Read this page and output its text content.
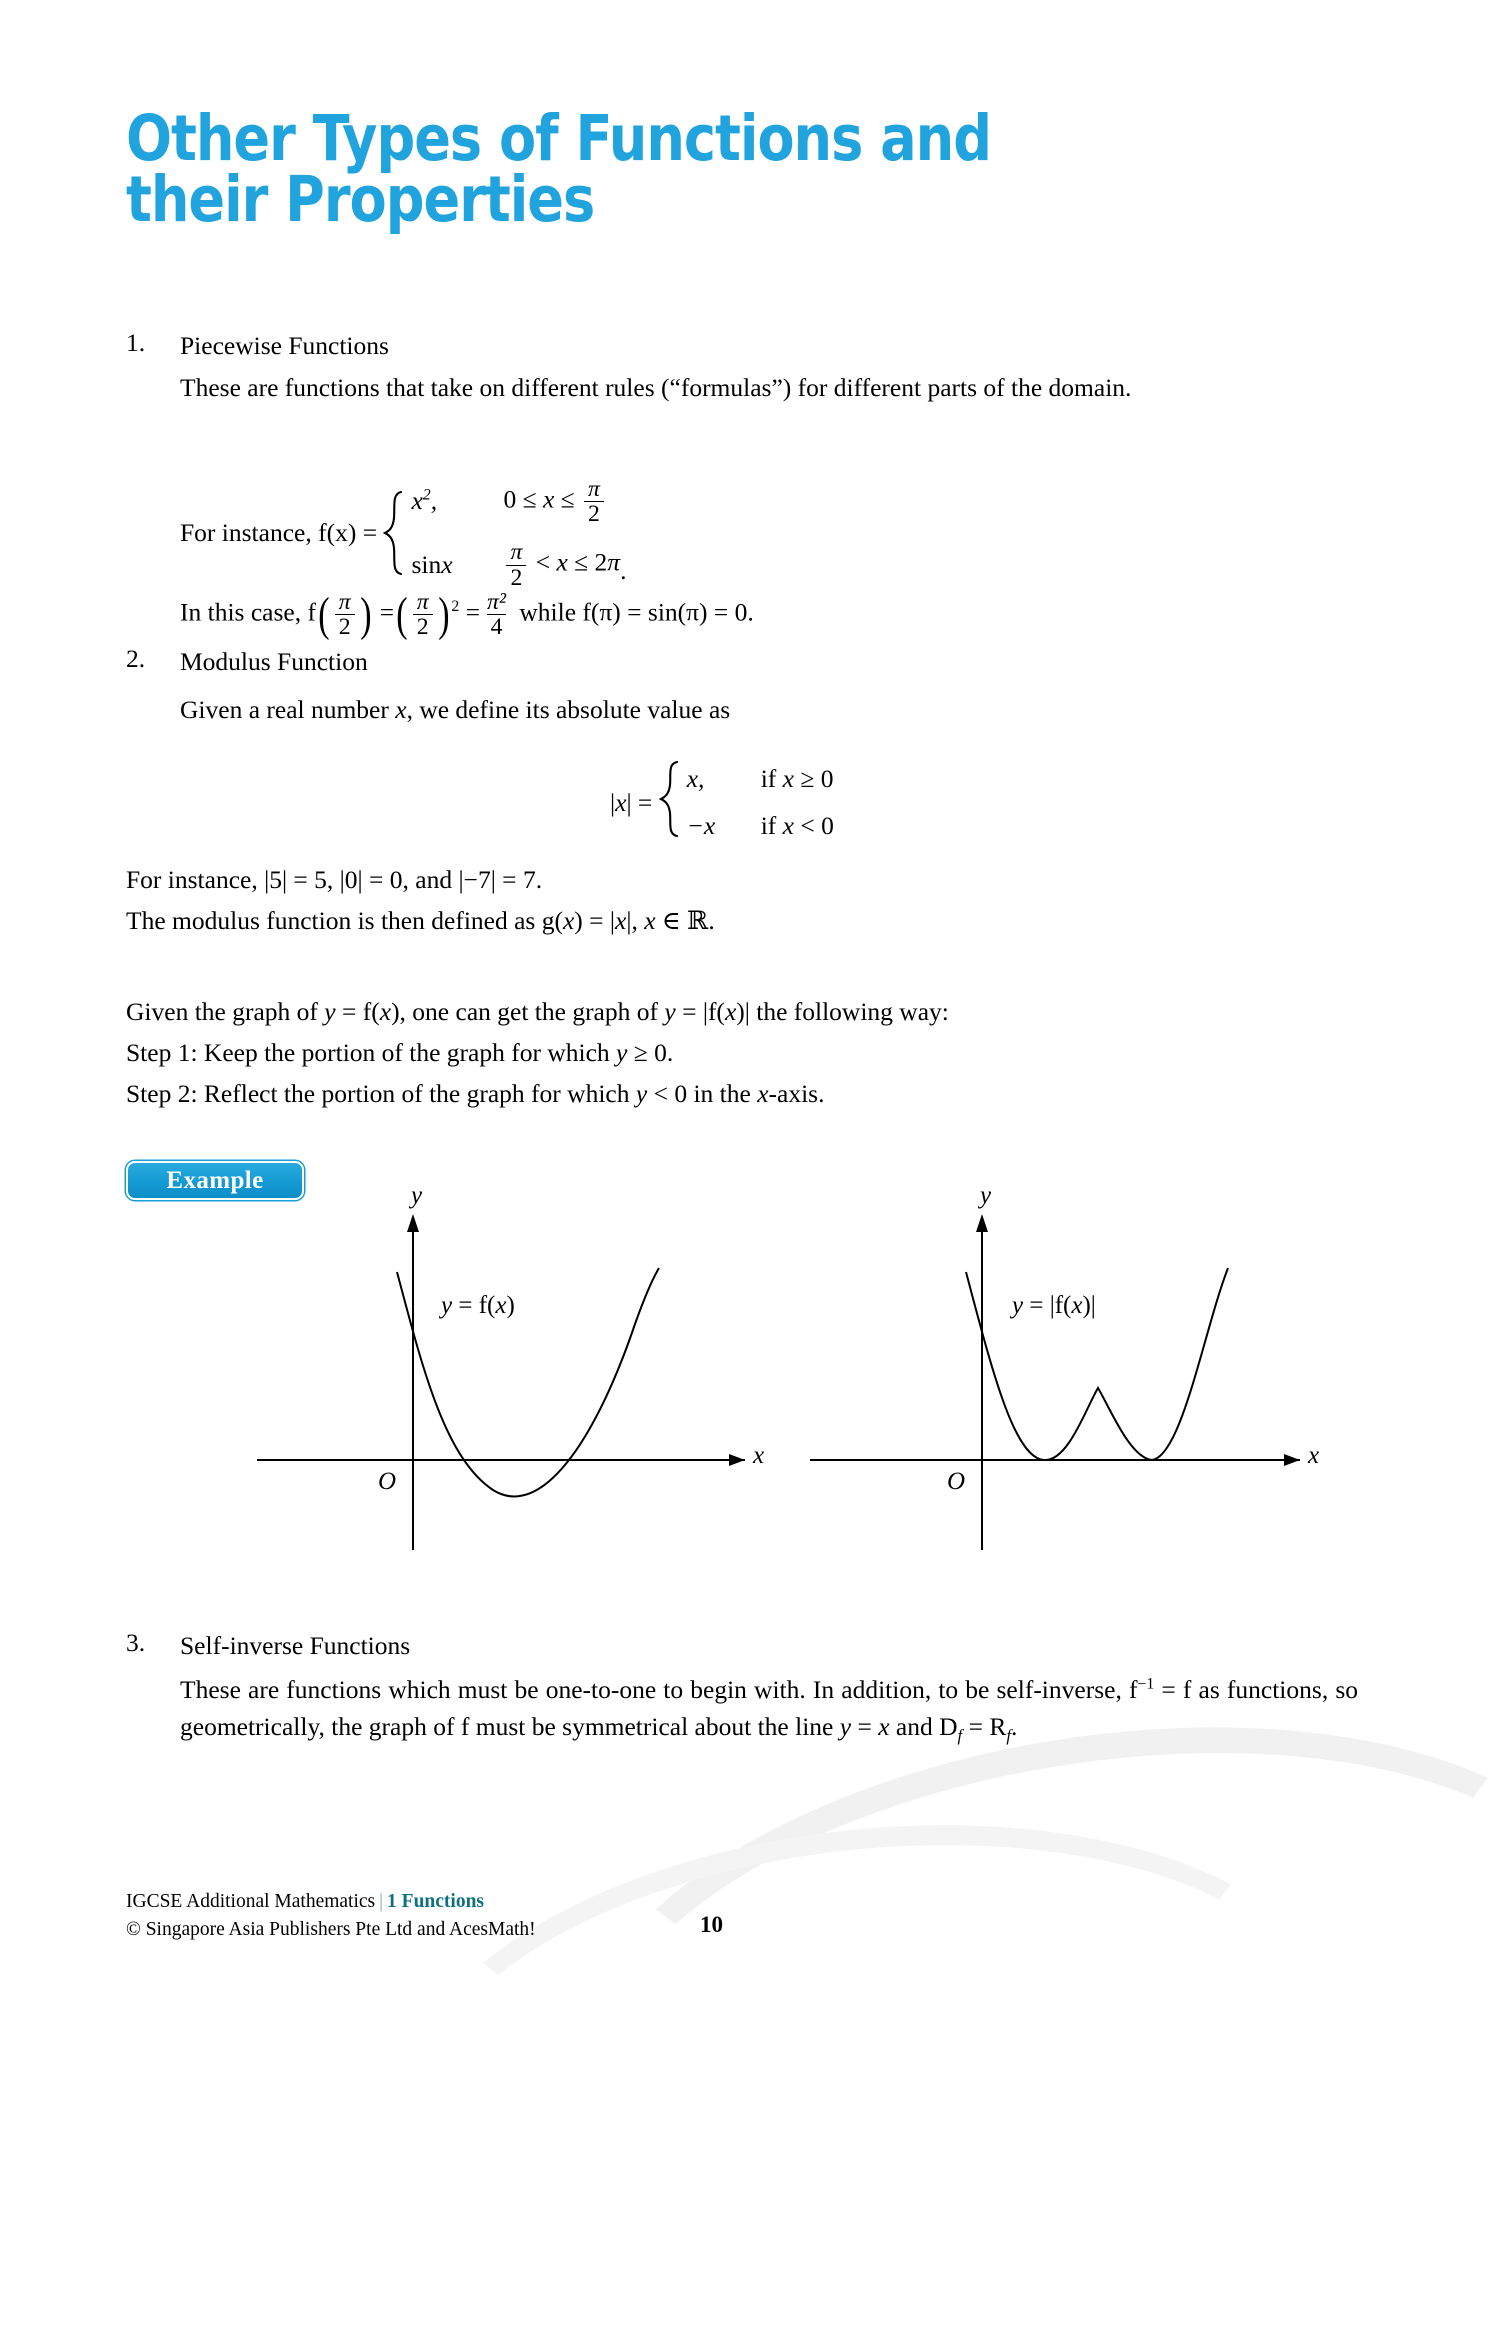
Other Types of Functions and
their Properties
1. Piecewise Functions
These are functions that take on different rules (“formulas”) for different parts of the domain.
For instance, f(x) =
$x^2$,	$0 \le x \le \frac{\pi}{2}$
sinx	$\frac{\pi}{2} < x \le 2\pi$ .
In this case, $f( \frac{\pi}{2}$ ) =( $\frac{\pi}{2}$ ) $^2 = \frac{\text{π²}}{4}$ while f(π) = sin(π) = 0.
2. Modulus Function
Given a real number x, we define its absolute value as
| x | =
x,	if x ≥ 0
−x	if x < 0
For instance, |5| = 5, |0| = 0, and |−7| = 7.
The modulus function is then defined as g(x) = |x|, x ∈ ℝ.
Given the graph of y = f(x), one can get the graph of y = |f(x)| the following way:
Step 1: Keep the portion of the graph for which y ≥ 0.
Step 2: Reflect the portion of the graph for which y < 0 in the x-axis.
Example
y
x
O
y = f(x)
y
x
O
y = |f(x)|
3. Self-inverse Functions
These are functions which must be one-to-one to begin with. In addition, to be self-inverse, $f^{-1} = f$ as functions, so geometrically, the graph of f must be symmetrical about the line y = x and $D_f = R_f$.
IGCSE Additional Mathematics | 1 Functions
© Singapore Asia Publishers Pte Ltd and AcesMath!	10
